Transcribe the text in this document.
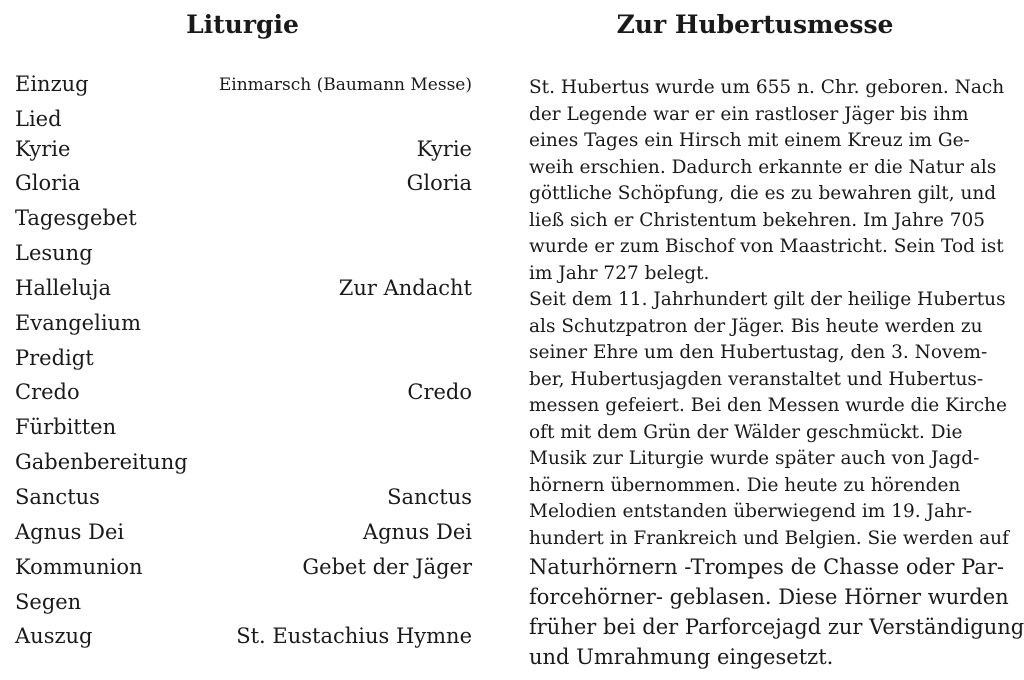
Liturgie	Zur Hubertusmesse
Einzug	Einmarsch (Baumann Messe)
Lied
Kyrie	Kyrie
Gloria	Gloria
Tagesgebet
Lesung
Halleluja	Zur Andacht
Evangelium
Predigt
Credo	Credo
Fürbitten
Gabenbereitung
Sanctus	Sanctus
Agnus Dei	Agnus Dei
Kommunion	Gebet der Jäger
Segen
Auszug	St. Eustachius Hymne
St. Hubertus wurde um 655 n. Chr. geboren. Nach
der Legende war er ein rastloser Jäger bis ihm
eines Tages ein Hirsch mit einem Kreuz im Ge-
weih erschien. Dadurch erkannte er die Natur als
göttliche Schöpfung, die es zu bewahren gilt, und
ließ sich er Christentum bekehren. Im Jahre 705
wurde er zum Bischof von Maastricht. Sein Tod ist
im Jahr 727 belegt.
Seit dem 11. Jahrhundert gilt der heilige Hubertus
als Schutzpatron der Jäger. Bis heute werden zu
seiner Ehre um den Hubertustag, den 3. Novem-
ber, Hubertusjagden veranstaltet und Hubertus-
messen gefeiert. Bei den Messen wurde die Kirche
oft mit dem Grün der Wälder geschmückt. Die
Musik zur Liturgie wurde später auch von Jagd-
hörnern übernommen. Die heute zu hörenden
Melodien entstanden überwiegend im 19. Jahr-
hundert in Frankreich und Belgien. Sie werden auf
Naturhörnern -Trompes de Chasse oder Par-
forcehörner- geblasen. Diese Hörner wurden
früher bei der Parforcejagd zur Verständigung
und Umrahmung eingesetzt.
